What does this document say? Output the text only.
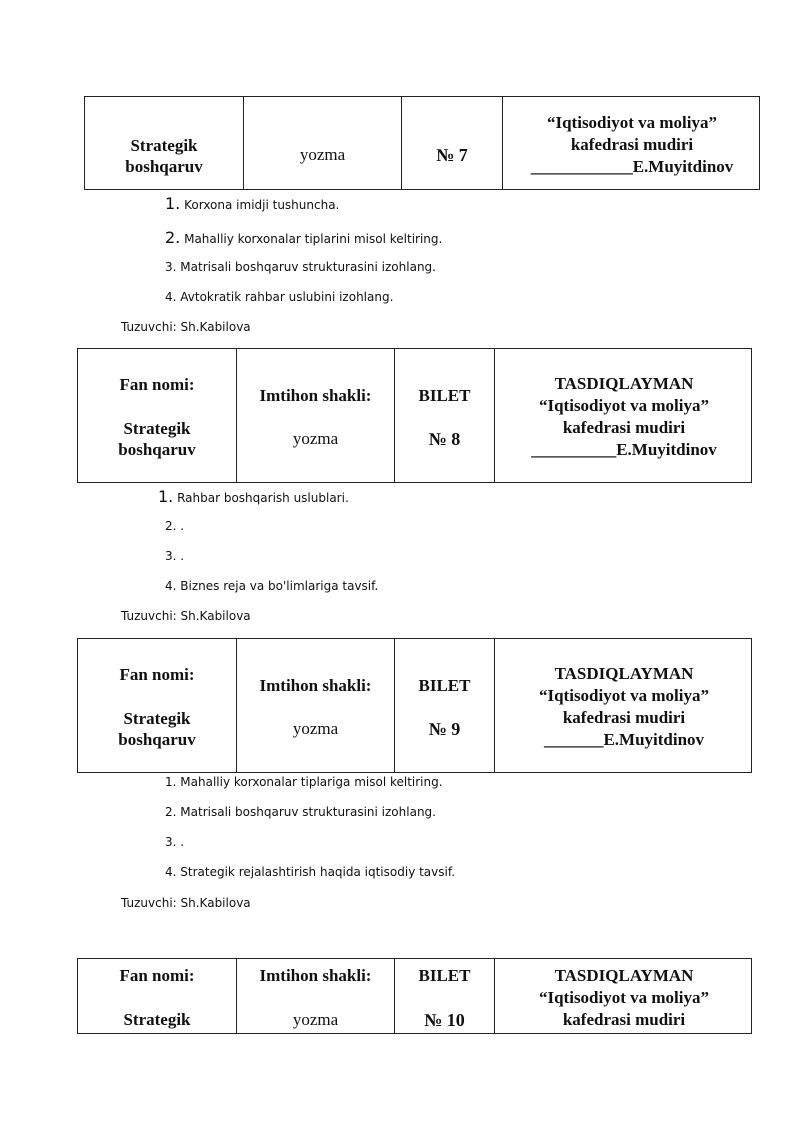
Strategik boshqaruv
yozma	№ 7
“Iqtisodiyot va moliya”
kafedrasi mudiri
____________E.Muyitdinov
1. Korxona imidji tushuncha.
2. Mahalliy korxonalar tiplarini misol keltiring.
3. Matrisali boshqaruv strukturasini izohlang.
4. Avtokratik rahbar uslubini izohlang.
Tuzuvchi: Sh.Kabilova
Fan nomi:
Strategik boshqaruv
Imtihon shakli:
yozma
BILET
№ 8
TASDIQLAYMAN
“Iqtisodiyot va moliya”
kafedrasi mudiri
__________E.Muyitdinov
1. Rahbar boshqarish uslublari.
2. .
3. .
4. Biznes reja va bo'limlariga tavsif.
Tuzuvchi: Sh.Kabilova
Fan nomi:
Strategik boshqaruv
Imtihon shakli:
yozma
BILET
№ 9
TASDIQLAYMAN
“Iqtisodiyot va moliya”
kafedrasi mudiri
_______E.Muyitdinov
1. Mahalliy korxonalar tiplariga misol keltiring.
2. Matrisali boshqaruv strukturasini izohlang.
3. .
4. Strategik rejalashtirish haqida iqtisodiy tavsif.
Tuzuvchi: Sh.Kabilova
Fan nomi:
Strategik
Imtihon shakli:
yozma
BILET
№ 10
TASDIQLAYMAN
“Iqtisodiyot va moliya”
kafedrasi mudiri
